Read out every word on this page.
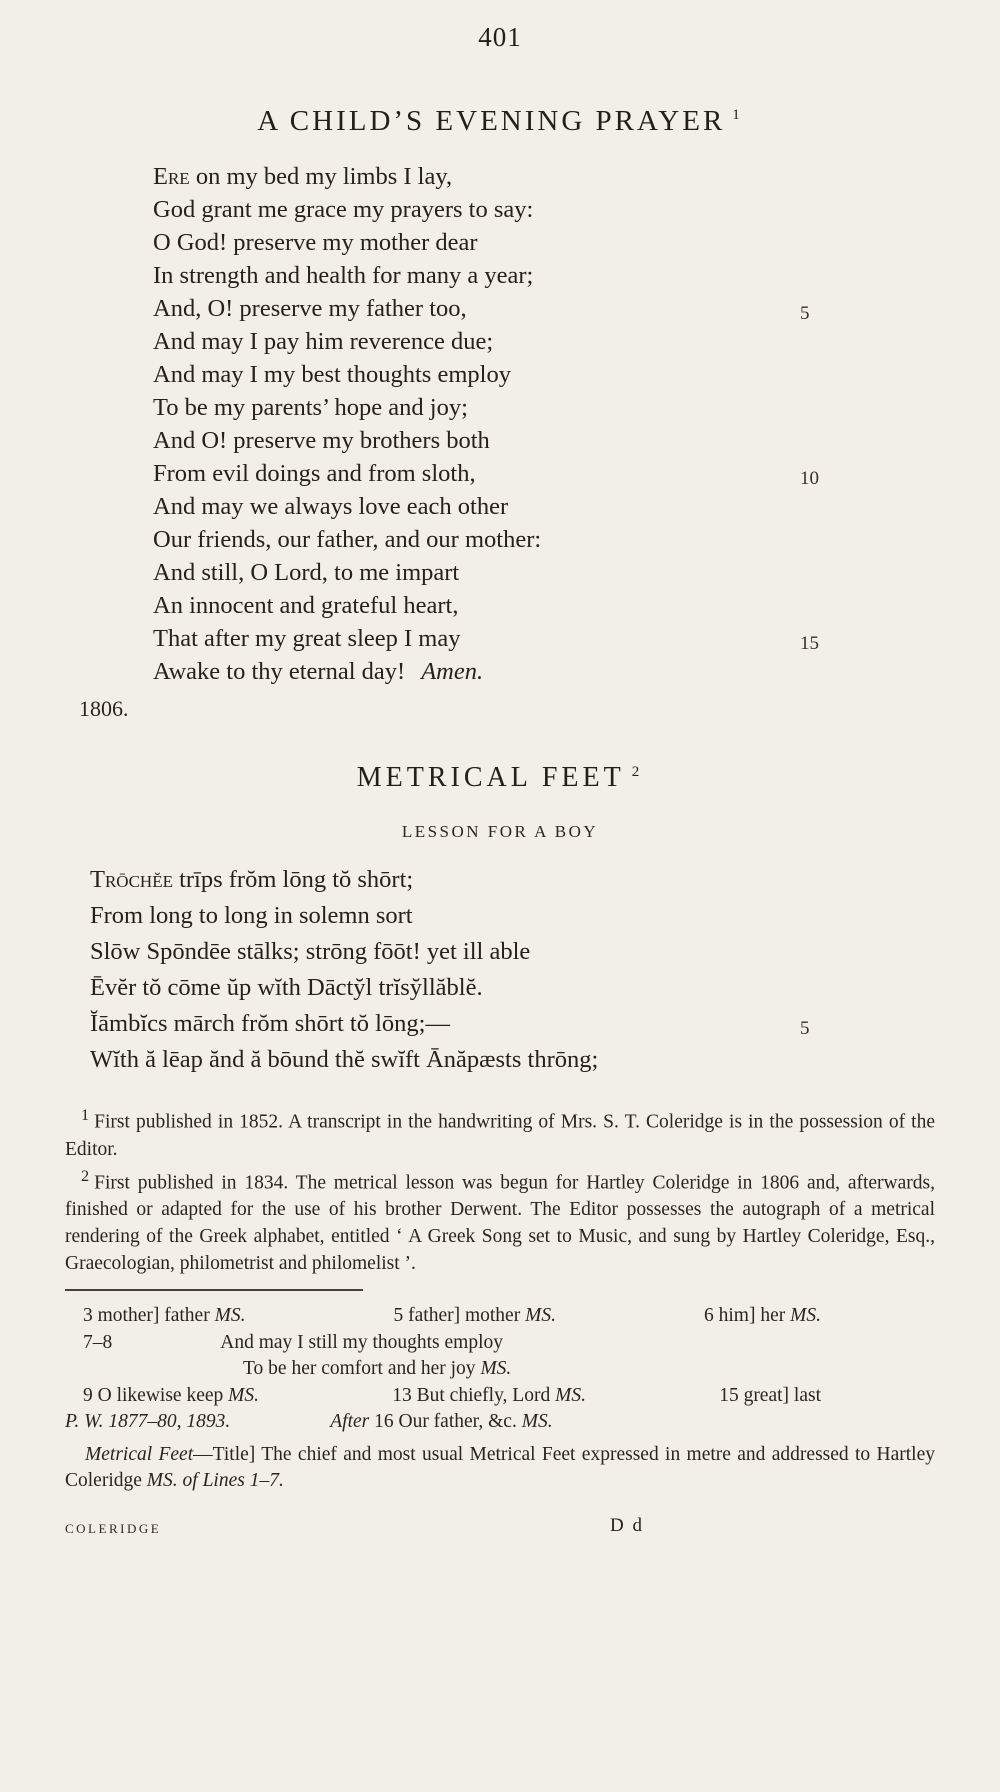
401
A CHILD’S EVENING PRAYER $^1$
Ere on my bed my limbs I lay,
God grant me grace my prayers to say:
O God! preserve my mother dear
In strength and health for many a year;
And, O! preserve my father too,	5
And may I pay him reverence due;
And may I my best thoughts employ
To be my parents’ hope and joy;
And O! preserve my brothers both
From evil doings and from sloth,	10
And may we always love each other
Our friends, our father, and our mother:
And still, O Lord, to me impart
An innocent and grateful heart,
That after my great sleep I may	15
Awake to thy eternal day! Amen.
1806.
METRICAL FEET $^2$
LESSON FOR A BOY
Trōchĕe trīps frŏm lōng tŏ shōrt;
From long to long in solemn sort
Slōw Spōndēe stālks; strōng fōōt! yet ill able
Ēvĕr tŏ cōme ŭp wĭth Dācty̆l trĭsy̆llăblĕ.
Ĭāmbĭcs mārch frŏm shōrt tŏ lōng;—	5
Wĭth ă lēap ănd ă bōund thĕ swĭft Ānăpæsts thrōng;

$^1$ First published in 1852. A transcript in the handwriting of Mrs. S. T. Coleridge is in the possession of the Editor.

$^2$ First published in 1834. The metrical lesson was begun for Hartley Coleridge in 1806 and, afterwards, finished or adapted for the use of his brother Derwent. The Editor possesses the autograph of a metrical rendering of the Greek alphabet, entitled ‘ A Greek Song set to Music, and sung by Hartley Coleridge, Esq., Graecologian, philometrist and philomelist ’.

3 mother] father MS.	5 father] mother MS.	6 him] her MS.
7–8	And may I still my thoughts employ
To be her comfort and her joy MS.
9 O likewise keep MS.	13 But chiefly, Lord MS.	15 great] last
P. W. 1877–80, 1893.	After 16 Our father, &c. MS.

Metrical Feet—Title] The chief and most usual Metrical Feet expressed in metre and addressed to Hartley Coleridge MS. of Lines 1–7.

COLERIDGE	D d
